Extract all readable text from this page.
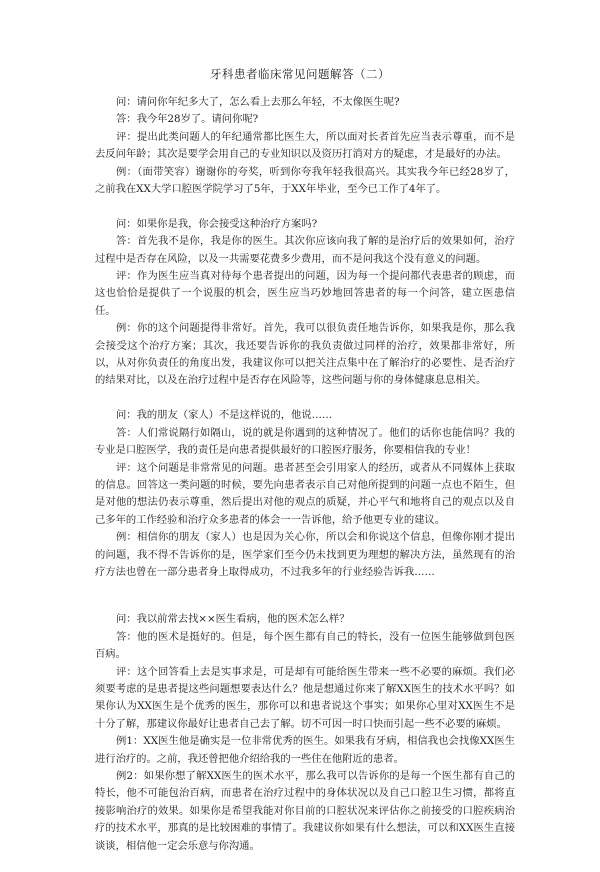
牙科患者临床常见问题解答（二）

问：请问你年纪多大了，怎么看上去那么年轻，不太像医生呢?

答：我今年28岁了。请问你呢?

评：提出此类问题人的年纪通常都比医生大，所以面对长者首先应当表示尊重，而不是去反问年龄；其次是要学会用自己的专业知识以及资历打消对方的疑虑，才是最好的办法。

例：（面带笑容）谢谢你的夸奖，听到你夸我年轻我很高兴。其实我今年已经28岁了，之前我在XX大学口腔医学院学习了5年，于XX年毕业，至今已工作了4年了。

问：如果你是我，你会接受这种治疗方案吗?

答：首先我不是你，我是你的医生。其次你应该向我了解的是治疗后的效果如何，治疗过程中是否存在风险，以及一共需要花费多少费用，而不是问我这个没有意义的问题。

评：作为医生应当真对待每个患者提出的问题，因为每一个提问都代表患者的顾虑，而这也恰恰是提供了一个说服的机会，医生应当巧妙地回答患者的每一个问答，建立医患信任。

例：你的这个问题提得非常好。首先，我可以很负责任地告诉你，如果我是你，那么我会接受这个治疗方案；其次，我还要告诉你的我负责做过同样的治疗，效果都非常好，所以，从对你负责任的角度出发，我建议你可以把关注点集中在了解治疗的必要性、是否治疗的结果对比，以及在治疗过程中是否存在风险等，这些问题与你的身体健康息息相关。

问：我的朋友（家人）不是这样说的，他说……

答：人们常说隔行如隔山，说的就是你遇到的这种情况了。他们的话你也能信吗？我的专业是口腔医学，我的责任是向患者提供最好的口腔医疗服务，你要相信我的专业！

评：这个问题是非常常见的问题。患者甚至会引用家人的经历，或者从不同媒体上获取的信息。回答这一类问题的时候，要先向患者表示自己对他所提到的问题一点也不陌生，但是对他的想法仍表示尊重，然后提出对他的观点的质疑，并心平气和地将自己的观点以及自己多年的工作经验和治疗众多患者的体会一一告诉他，给予他更专业的建议。

例：相信你的朋友（家人）也是因为关心你，所以会和你说这个信息，但像你刚才提出的问题，我不得不告诉你的是，医学家们至今仍未找到更为理想的解决方法，虽然现有的治疗方法也曾在一部分患者身上取得成功，不过我多年的行业经验告诉我……

问：我以前常去找××医生看病，他的医术怎么样？

答：他的医术是挺好的。但是，每个医生都有自己的特长，没有一位医生能够做到包医百病。

评：这个回答看上去是实事求是，可是却有可能给医生带来一些不必要的麻烦。我们必须要考虑的是患者提这些问题想要表达什么？他是想通过你来了解XX医生的技术水平吗？如果你认为XX医生是个优秀的医生，那你可以和患者说这个事实；如果你心里对XX医生不是十分了解，那建议你最好让患者自己去了解。切不可因一时口快而引起一些不必要的麻烦。

例1：XX医生他是确实是一位非常优秀的医生。如果我有牙病，相信我也会找像XX医生进行治疗的。之前，我还曾把他介绍给我的一些住在他附近的患者。

例2：如果你想了解XX医生的医术水平，那么我可以告诉你的是每一个医生都有自己的特长，他不可能包治百病，而患者在治疗过程中的身体状况以及自己口腔卫生习惯，都将直接影响治疗的效果。如果你是希望我能对你目前的口腔状况来评估你之前接受的口腔疾病治疗的技术水平，那真的是比较困难的事情了。我建议你如果有什么想法，可以和XX医生直接谈谈，相信他一定会乐意与你沟通。
